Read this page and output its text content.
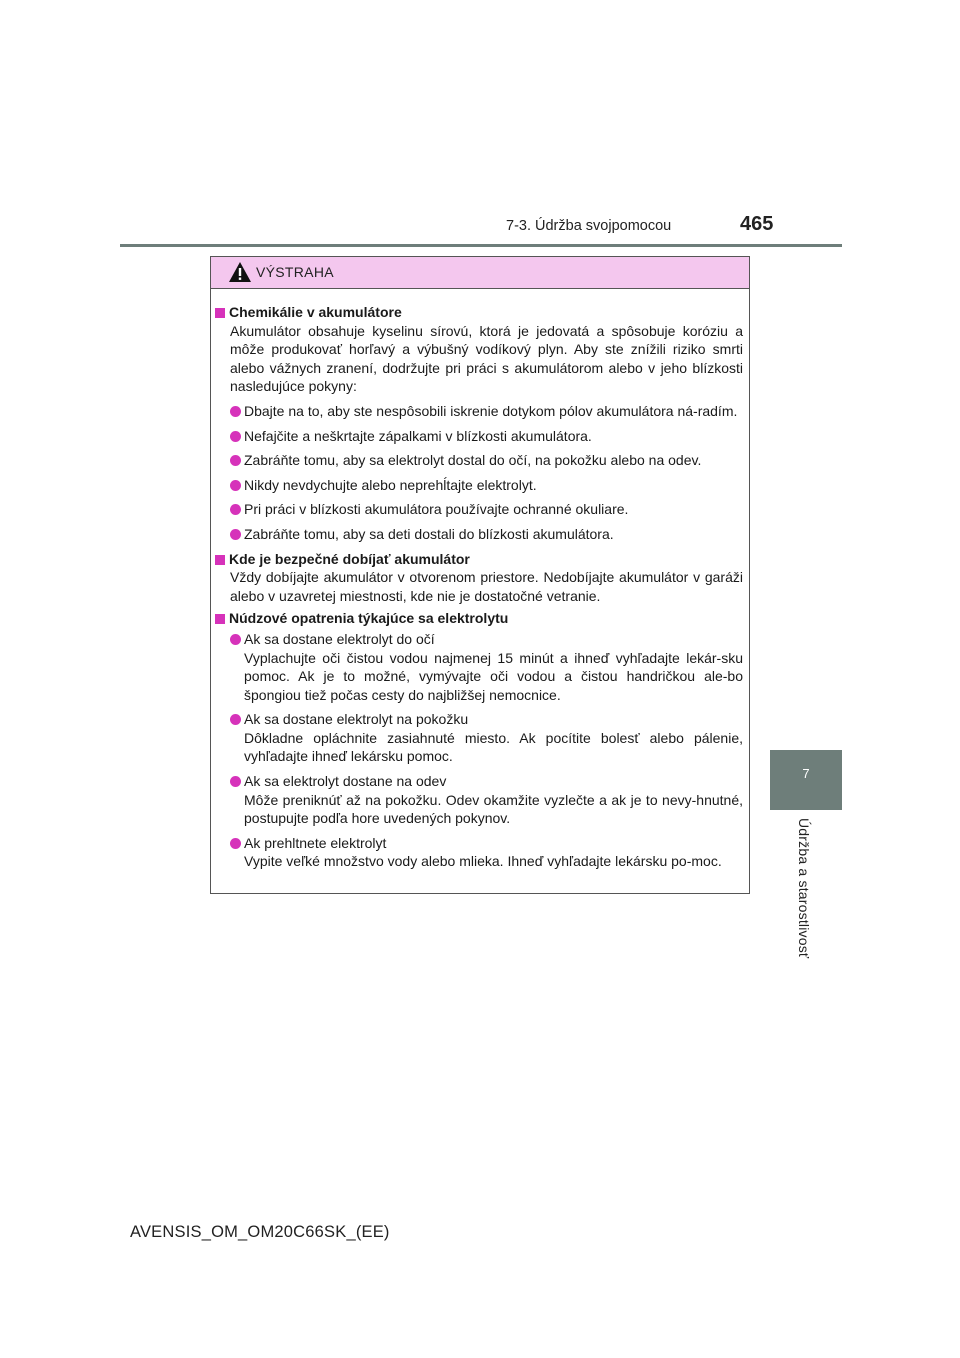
7-3. Údržba svojpomocou	465
7
Údržba a starostlivosť
VÝSTRAHA
Chemikálie v akumulátore

Akumulátor obsahuje kyselinu sírovú, ktorá je jedovatá a spôsobuje koróziu a môže produkovať horľavý a výbušný vodíkový plyn. Aby ste znížili riziko smrti alebo vážnych zranení, dodržujte pri práci s akumulátorom alebo v jeho blízkosti nasledujúce pokyny:

Dbajte na to, aby ste nespôsobili iskrenie dotykom pólov akumulátora ná-radím.
Nefajčite a neškrtajte zápalkami v blízkosti akumulátora.
Zabráňte tomu, aby sa elektrolyt dostal do očí, na pokožku alebo na odev.
Nikdy nevdychujte alebo neprehĺtajte elektrolyt.
Pri práci v blízkosti akumulátora používajte ochranné okuliare.
Zabráňte tomu, aby sa deti dostali do blízkosti akumulátora.
Kde je bezpečné dobíjať akumulátor

Vždy dobíjajte akumulátor v otvorenom priestore. Nedobíjajte akumulátor v garáži alebo v uzavretej miestnosti, kde nie je dostatočné vetranie.

Núdzové opatrenia týkajúce sa elektrolytu
Ak sa dostane elektrolyt do očí
Vyplachujte oči čistou vodou najmenej 15 minút a ihneď vyhľadajte lekár-sku pomoc. Ak je to možné, vymývajte oči vodou a čistou handričkou ale-bo špongiou tiež počas cesty do najbližšej nemocnice.
Ak sa dostane elektrolyt na pokožku
Dôkladne opláchnite zasiahnuté miesto. Ak pocítite bolesť alebo pálenie, vyhľadajte ihneď lekársku pomoc.
Ak sa elektrolyt dostane na odev
Môže preniknúť až na pokožku. Odev okamžite vyzlečte a ak je to nevy-hnutné, postupujte podľa hore uvedených pokynov.
Ak prehltnete elektrolyt
Vypite veľké množstvo vody alebo mlieka. Ihneď vyhľadajte lekársku po-moc.
AVENSIS_OM_OM20C66SK_(EE)
